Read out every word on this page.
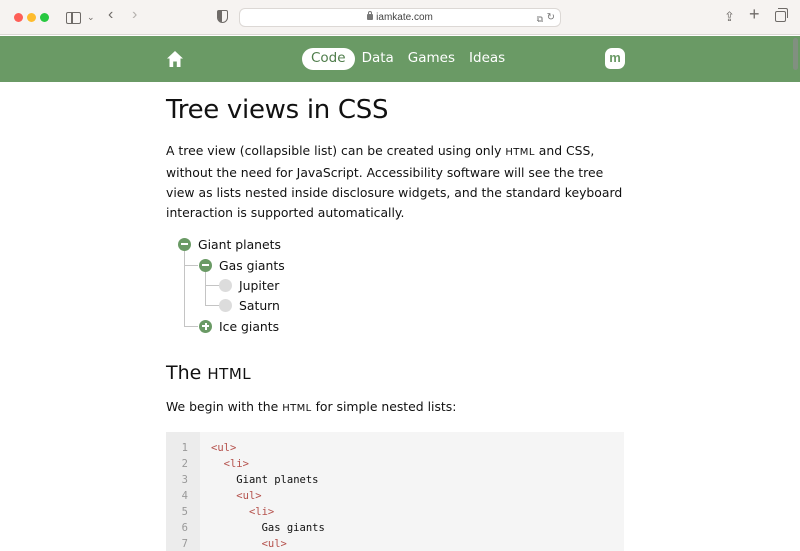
⌄ ‹ ›	iamkate.com	⧉ ↻	⇪ +
Code	Data	Games	Ideas	m
Tree views in CSS

A tree view (collapsible list) can be created using only HTML and CSS, without the need for JavaScript. Accessibility software will see the tree view as lists nested inside disclosure widgets, and the standard keyboard interaction is supported automatically.

Giant planets
Gas giants
Jupiter
Saturn
Ice giants
The HTML

We begin with the HTML for simple nested lists:

1 <ul>
2	<li>
3	Giant planets
4	<ul>
5	<li>
6	Gas giants
7	<ul>
